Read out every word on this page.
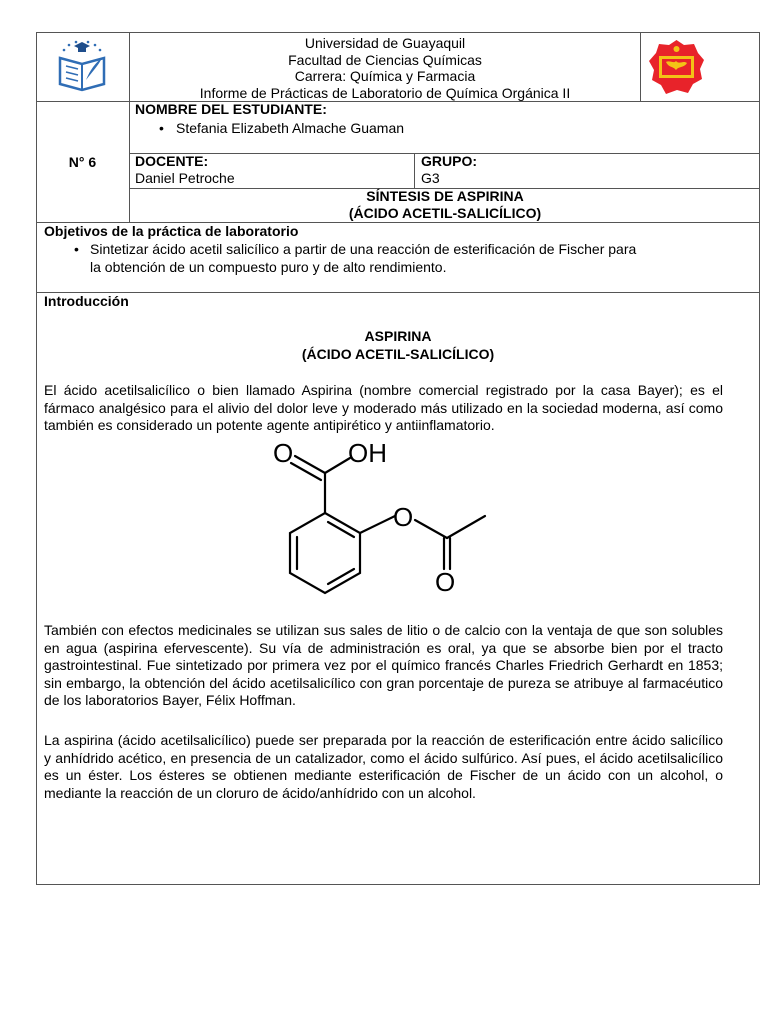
Universidad de Guayaquil
Facultad de Ciencias Químicas
Carrera: Química y Farmacia
Informe de Prácticas de Laboratorio de Química Orgánica II
N° 6
NOMBRE DEL ESTUDIANTE:
• Stefania Elizabeth Almache Guaman
DOCENTE:
Daniel Petroche
GRUPO:
G3
SÍNTESIS DE ASPIRINA
(ÁCIDO ACETIL-SALICÍLICO)
Objetivos de la práctica de laboratorio
• Sintetizar ácido acetil salicílico a partir de una reacción de esterificación de Fischer para
la obtención de un compuesto puro y de alto rendimiento.
Introducción
ASPIRINA
(ÁCIDO ACETIL-SALICÍLICO)
El ácido acetilsalicílico o bien llamado Aspirina (nombre comercial registrado por la casa Bayer); es el fármaco analgésico para el alivio del dolor leve y moderado más utilizado en la sociedad moderna, así como también es considerado un potente agente antipirético y antiinflamatorio.
O OH
O
O
También con efectos medicinales se utilizan sus sales de litio o de calcio con la ventaja de que son solubles en agua (aspirina efervescente). Su vía de administración es oral, ya que se absorbe bien por el tracto gastrointestinal. Fue sintetizado por primera vez por el químico francés Charles Friedrich Gerhardt en 1853; sin embargo, la obtención del ácido acetilsalicílico con gran porcentaje de pureza se atribuye al farmacéutico de los laboratorios Bayer, Félix Hoffman.
La aspirina (ácido acetilsalicílico) puede ser preparada por la reacción de esterificación entre ácido salicílico y anhídrido acético, en presencia de un catalizador, como el ácido sulfúrico. Así pues, el ácido acetilsalicílico es un éster. Los ésteres se obtienen mediante esterificación de Fischer de un ácido con un alcohol, o mediante la reacción de un cloruro de ácido/anhídrido con un alcohol.
